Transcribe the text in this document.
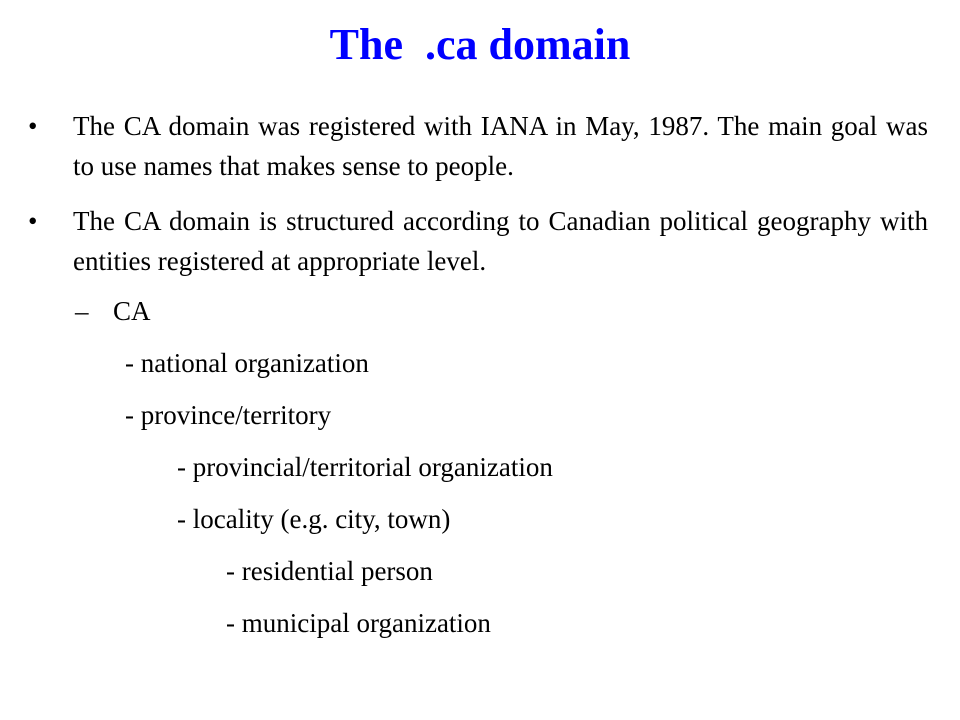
The  .ca domain
•	The CA domain was registered with IANA in May, 1987. The main goal was to use names that makes sense to people.
•	The CA domain is structured according to Canadian political geography with entities registered at appropriate level.
– CA
- national organization
- province/territory
- provincial/territorial organization
- locality (e.g. city, town)
- residential person
- municipal organization
